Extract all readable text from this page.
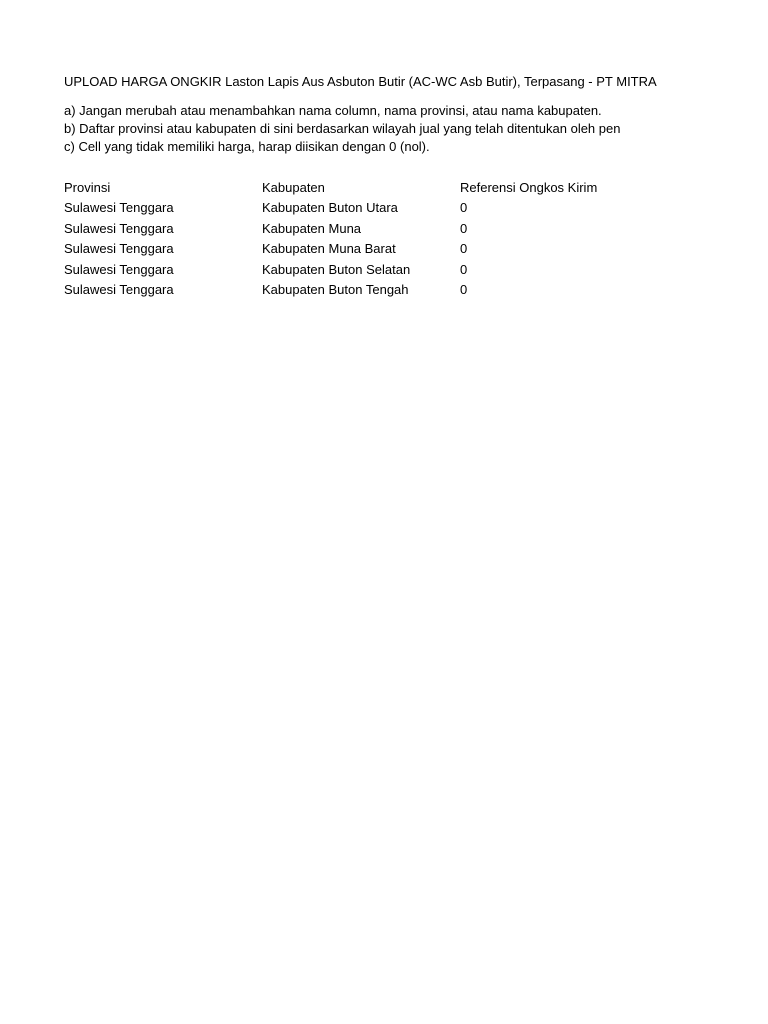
UPLOAD HARGA ONGKIR Laston Lapis Aus Asbuton Butir (AC-WC Asb Butir), Terpasang - PT MITRA
a) Jangan merubah atau menambahkan nama column, nama provinsi, atau nama kabupaten.
b) Daftar provinsi atau kabupaten di sini berdasarkan wilayah jual yang telah ditentukan oleh pen
c) Cell yang tidak memiliki harga, harap diisikan dengan 0 (nol).
Provinsi	Kabupaten	Referensi Ongkos Kirim
Sulawesi Tenggara	Kabupaten Buton Utara	0
Sulawesi Tenggara	Kabupaten Muna	0
Sulawesi Tenggara	Kabupaten Muna Barat	0
Sulawesi Tenggara	Kabupaten Buton Selatan	0
Sulawesi Tenggara	Kabupaten Buton Tengah	0
